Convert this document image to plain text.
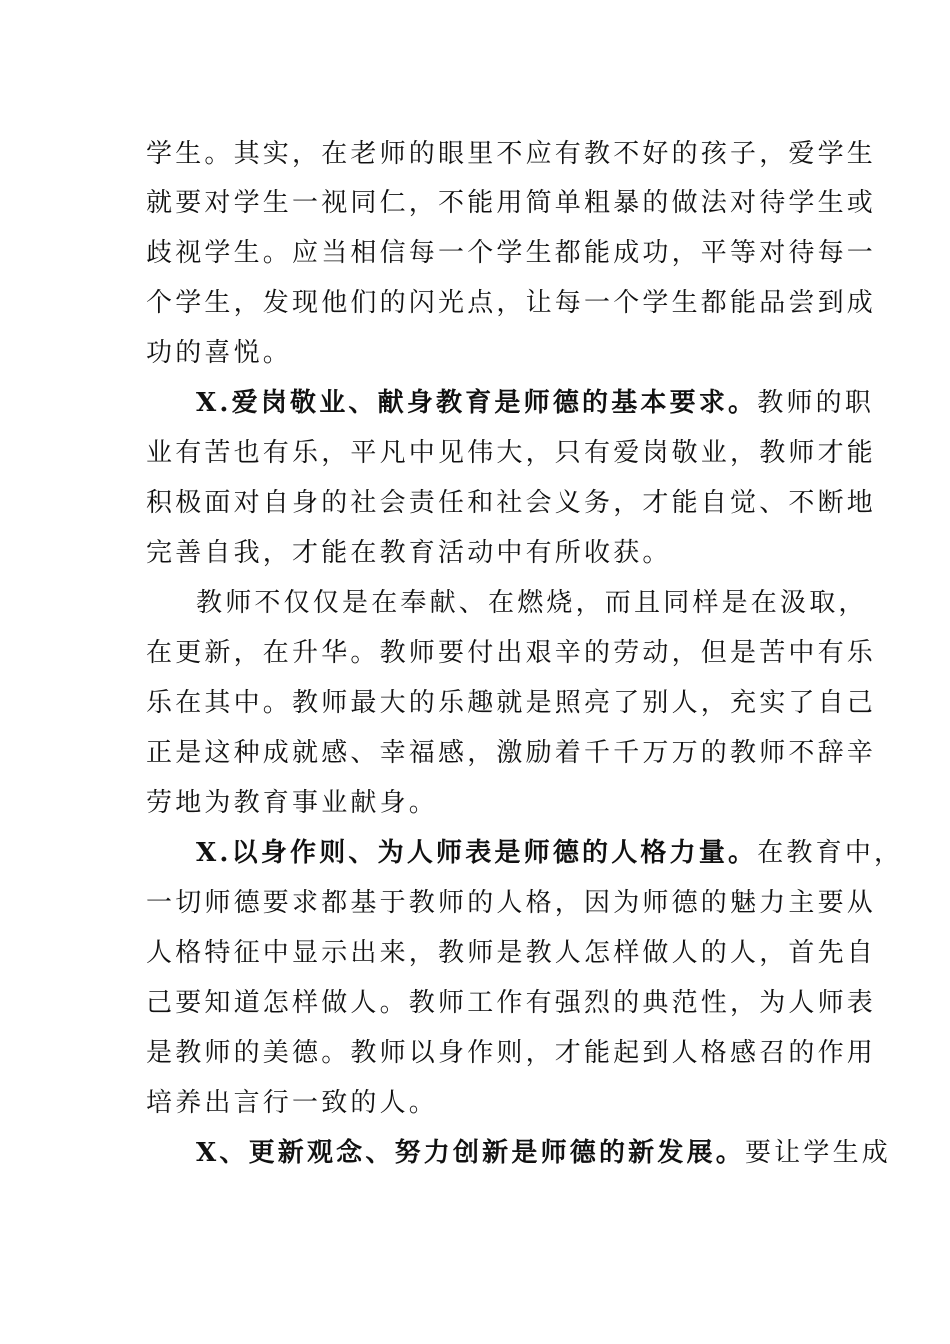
学生。其实，在老师的眼里不应有教不好的孩子，爱学生
就要对学生一视同仁，不能用简单粗暴的做法对待学生或
歧视学生。应当相信每一个学生都能成功，平等对待每一
个学生，发现他们的闪光点，让每一个学生都能品尝到成
功的喜悦。
X.爱岗敬业、献身教育是师德的基本要求。教师的职
业有苦也有乐，平凡中见伟大，只有爱岗敬业，教师才能
积极面对自身的社会责任和社会义务，才能自觉、不断地
完善自我，才能在教育活动中有所收获。
教师不仅仅是在奉献、在燃烧，而且同样是在汲取，
在更新，在升华。教师要付出艰辛的劳动，但是苦中有乐
乐在其中。教师最大的乐趣就是照亮了别人，充实了自己
正是这种成就感、幸福感，激励着千千万万的教师不辞辛
劳地为教育事业献身。
X.以身作则、为人师表是师德的人格力量。在教育中，
一切师德要求都基于教师的人格，因为师德的魅力主要从
人格特征中显示出来，教师是教人怎样做人的人，首先自
己要知道怎样做人。教师工作有强烈的典范性，为人师表
是教师的美德。教师以身作则，才能起到人格感召的作用
培养出言行一致的人。
X、更新观念、努力创新是师德的新发展。要让学生成
